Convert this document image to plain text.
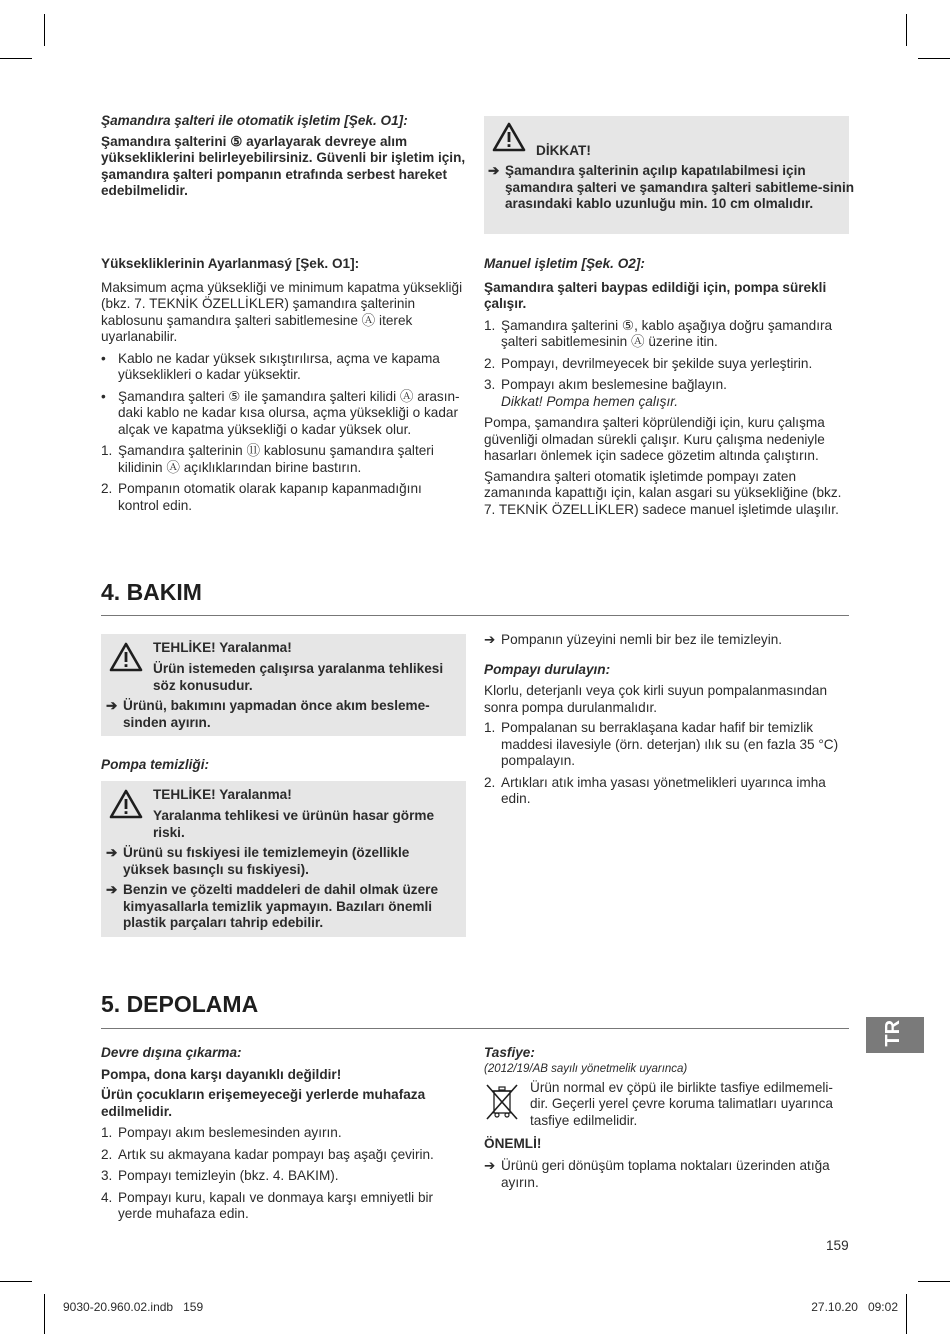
Şamandıra şalteri ile otomatik işletim [Şek. O1]:

Şamandıra şalterini ⑤ ayarlayarak devreye alım yüksekliklerini belirleyebilirsiniz. Güvenli bir işletim için, şamandıra şalteri pompanın etrafında serbest hareket edebilmelidir.

DİKKAT!
➔ Şamandıra şalterinin açılıp kapatılabilmesi için şamandıra şalteri ve şamandıra şalteri sabitleme-sinin arasındaki kablo uzunluğu min. 10 cm olmalıdır.

Yüksekliklerinin Ayarlanmasý [Şek. O1]:

Maksimum açma yüksekliği ve minimum kapatma yüksekliği (bkz. 7. TEKNİK ÖZELLİKLER) şamandıra şalterinin kablosunu şamandıra şalteri sabitlemesine Ⓐ iterek uyarlanabilir.

• Kablo ne kadar yüksek sıkıştırılırsa, açma ve kapama yükseklikleri o kadar yüksektir.
• Şamandıra şalteri ⑤ ile şamandıra şalteri kilidi Ⓐ arasın-daki kablo ne kadar kısa olursa, açma yüksekliği o kadar alçak ve kapatma yüksekliği o kadar yüksek olur.
1. Şamandıra şalterinin ⑪ kablosunu şamandıra şalteri kilidinin Ⓐ açıklıklarından birine bastırın.
2. Pompanın otomatik olarak kapanıp kapanmadığını kontrol edin.

Manuel işletim [Şek. O2]:

Şamandıra şalteri baypas edildiği için, pompa sürekli çalışır.

1. Şamandıra şalterini ⑤, kablo aşağıya doğru şamandıra şalteri sabitlemesinin Ⓐ üzerine itin.
2. Pompayı, devrilmeyecek bir şekilde suya yerleştirin.
3. Pompayı akım beslemesine bağlayın.
Dikkat! Pompa hemen çalışır.

Pompa, şamandıra şalteri köprülendiği için, kuru çalışma güvenliği olmadan sürekli çalışır. Kuru çalışma nedeniyle hasarları önlemek için sadece gözetim altında çalıştırın.

Şamandıra şalteri otomatik işletimde pompayı zaten zamanında kapattığı için, kalan asgari su yüksekliğine (bkz. 7. TEKNİK ÖZELLİKLER) sadece manuel işletimde ulaşılır.

4. BAKIM
TEHLİKE! Yaralanma!
Ürün istemeden çalışırsa yaralanma tehlikesi söz konusudur.
➔ Ürünü, bakımını yapmadan önce akım besleme-sinden ayırın.
Pompa temizliği:
TEHLİKE! Yaralanma!
Yaralanma tehlikesi ve ürünün hasar görme riski.
➔ Ürünü su fıskiyesi ile temizlemeyin (özellikle yüksek basınçlı su fıskiyesi).
➔ Benzin ve çözelti maddeleri de dahil olmak üzere kimyasallarla temizlik yapmayın. Bazıları önemli plastik parçaları tahrip edebilir.
➔ Pompanın yüzeyini nemli bir bez ile temizleyin.

Pompayı durulayın:

Klorlu, deterjanlı veya çok kirli suyun pompalanmasından sonra pompa durulanmalıdır.

1. Pompalanan su berraklaşana kadar hafif bir temizlik maddesi ilavesiyle (örn. deterjan) ılık su (en fazla 35 °C) pompalayın.
2. Artıkları atık imha yasası yönetmelikleri uyarınca imha edin.
5. DEPOLAMA
TR

Devre dışına çıkarma:

Pompa, dona karşı dayanıklı değildir!

Ürün çocukların erişemeyeceği yerlerde muhafaza edilmelidir.

1. Pompayı akım beslemesinden ayırın.
2. Artık su akmayana kadar pompayı baş aşağı çevirin.
3. Pompayı temizleyin (bkz. 4. BAKIM).
4. Pompayı kuru, kapalı ve donmaya karşı emniyetli bir yerde muhafaza edin.

Tasfiye:

(2012/19/AB sayılı yönetmelik uyarınca)

Ürün normal ev çöpü ile birlikte tasfiye edilmemeli-dir. Geçerli yerel çevre koruma talimatları uyarınca tasfiye edilmelidir.

ÖNEMLİ!

➔ Ürünü geri dönüşüm toplama noktaları üzerinden atığa ayırın.
159
9030-20.960.02.indb   159	27.10.20   09:02
